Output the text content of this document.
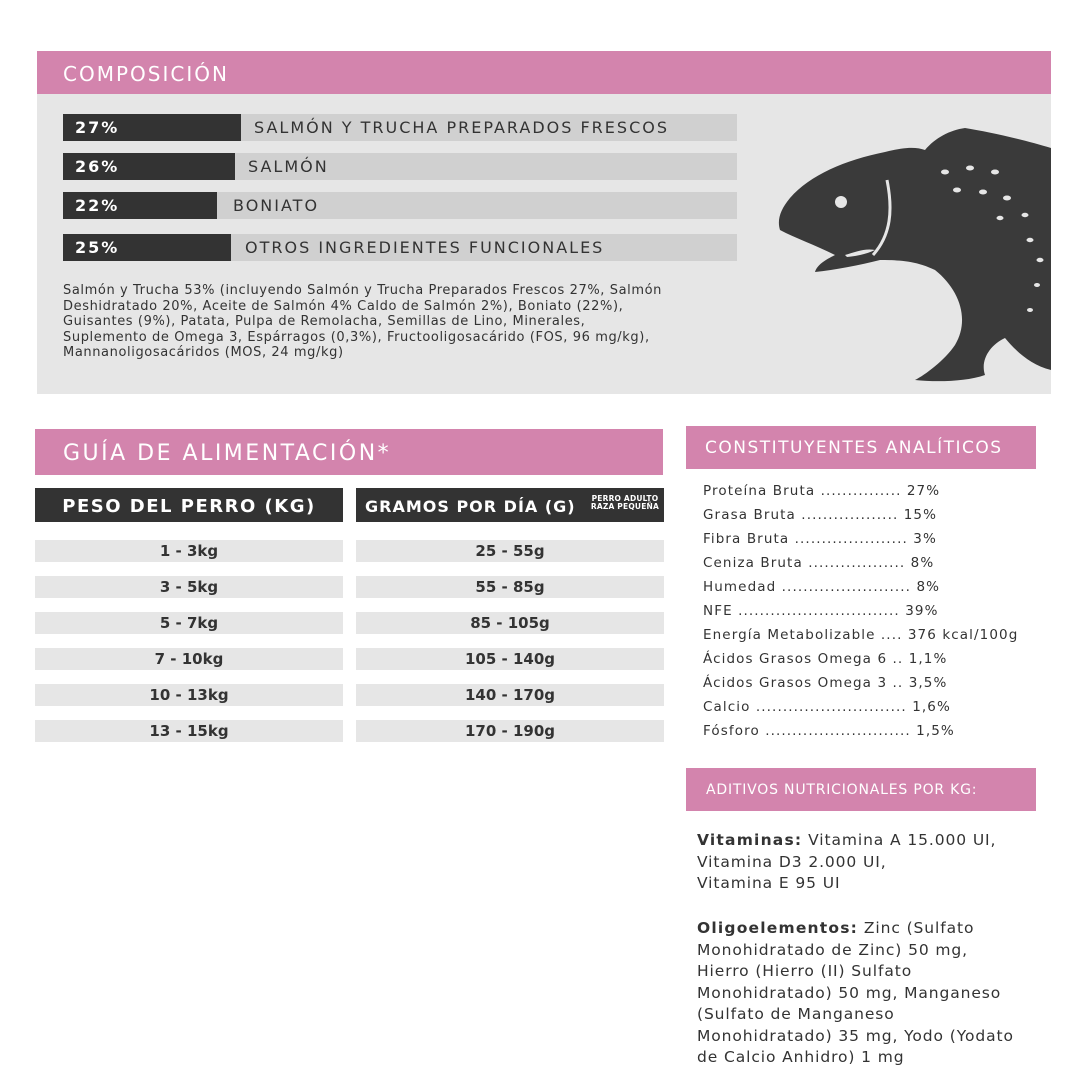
COMPOSICIÓN
27%	SALMÓN Y TRUCHA PREPARADOS FRESCOS
26%	SALMÓN
22%	BONIATO
25%	OTROS INGREDIENTES FUNCIONALES
Salmón y Trucha 53% (incluyendo Salmón y Trucha Preparados Frescos 27%, Salmón
Deshidratado 20%, Aceite de Salmón 4% Caldo de Salmón 2%), Boniato (22%),
Guisantes (9%), Patata, Pulpa de Remolacha, Semillas de Lino, Minerales,
Suplemento de Omega 3, Espárragos (0,3%), Fructooligosacárido (FOS, 96 mg/kg),
Mannanoligosacáridos (MOS, 24 mg/kg)
GUÍA DE ALIMENTACIÓN*
PESO DEL PERRO (KG)	GRAMOS POR DÍA (G) PERRO ADULTO
RAZA PEQUEÑA
1 - 3kg	25 - 55g
3 - 5kg	55 - 85g
5 - 7kg	85 - 105g
7 - 10kg	105 - 140g
10 - 13kg	140 - 170g
13 - 15kg	170 - 190g
CONSTITUYENTES ANALÍTICOS
Proteína Bruta ............... 27%
Grasa Bruta .................. 15%
Fibra Bruta ..................... 3%
Ceniza Bruta .................. 8%
Humedad ........................ 8%
NFE .............................. 39%
Energía Metabolizable .... 376 kcal/100g
Ácidos Grasos Omega 6 .. 1,1%
Ácidos Grasos Omega 3 .. 3,5%
Calcio ............................ 1,6%
Fósforo ........................... 1,5%
ADITIVOS NUTRICIONALES POR KG:
Vitaminas: Vitamina A 15.000 UI,
Vitamina D3 2.000 UI,
Vitamina E 95 UI
Oligoelementos: Zinc (Sulfato
Monohidratado de Zinc) 50 mg,
Hierro (Hierro (II) Sulfato
Monohidratado) 50 mg, Manganeso
(Sulfato de Manganeso
Monohidratado) 35 mg, Yodo (Yodato
de Calcio Anhidro) 1 mg
